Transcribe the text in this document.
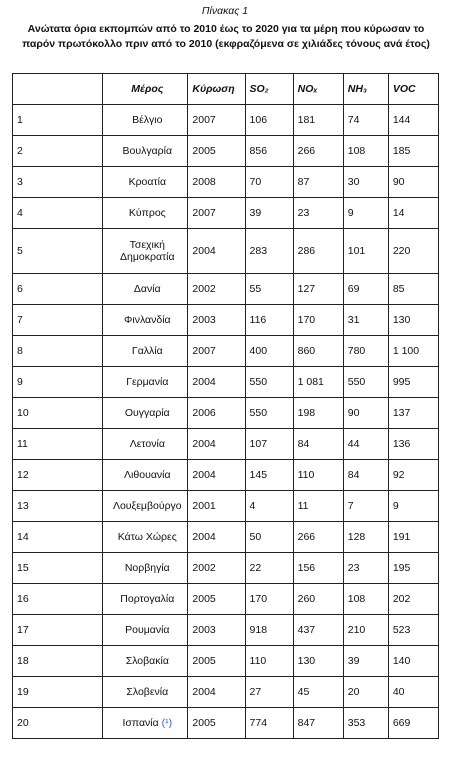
Πίνακας 1
Ανώτατα όρια εκπομπών από το 2010 έως το 2020 για τα μέρη που κύρωσαν το παρόν πρωτόκολλο πριν από το 2010 (εκφραζόμενα σε χιλιάδες τόνους ανά έτος)
	Μέρος	Κύρωση	SO₂	NOₓ	NH₃	VOC
1	Βέλγιο	2007	106	181	74	144
2	Βουλγαρία	2005	856	266	108	185
3	Κροατία	2008	70	87	30	90
4	Κύπρος	2007	39	23	9	14
5	Τσεχική Δημοκρατία	2004	283	286	101	220
6	Δανία	2002	55	127	69	85
7	Φινλανδία	2003	116	170	31	130
8	Γαλλία	2007	400	860	780	1 100
9	Γερμανία	2004	550	1 081	550	995
10	Ουγγαρία	2006	550	198	90	137
11	Λετονία	2004	107	84	44	136
12	Λιθουανία	2004	145	110	84	92
13	Λουξεμβούργο	2001	4	11	7	9
14	Κάτω Χώρες	2004	50	266	128	191
15	Νορβηγία	2002	22	156	23	195
16	Πορτογαλία	2005	170	260	108	202
17	Ρουμανία	2003	918	437	210	523
18	Σλοβακία	2005	110	130	39	140
19	Σλοβενία	2004	27	45	20	40
20	Ισπανία (¹)	2005	774	847	353	669
